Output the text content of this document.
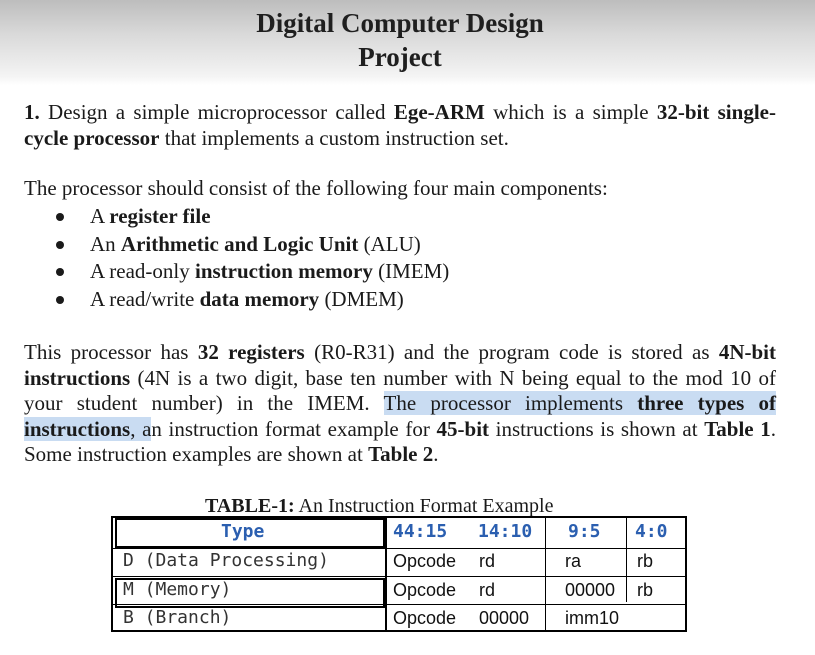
Digital Computer Design
Project
1. Design a simple microprocessor called Ege-ARM which is a simple 32-bit single-cycle processor that implements a custom instruction set.
The processor should consist of the following four main components:
A register file
An Arithmetic and Logic Unit (ALU)
A read-only instruction memory (IMEM)
A read/write data memory (DMEM)
This processor has 32 registers (R0-R31) and the program code is stored as 4N-bit instructions (4N is a two digit, base ten number with N being equal to the mod 10 of your student number) in the IMEM. The processor implements three types of instructions, an instruction format example for 45-bit instructions is shown at Table 1. Some instruction examples are shown at Table 2.
TABLE-1: An Instruction Format Example
Type	44:15 14:10 9:5 4:0
D (Data Processing)	Opcode rd	ra	rb
M (Memory)	Opcode rd	00000 rb
B (Branch)	Opcode 00000 imm10
